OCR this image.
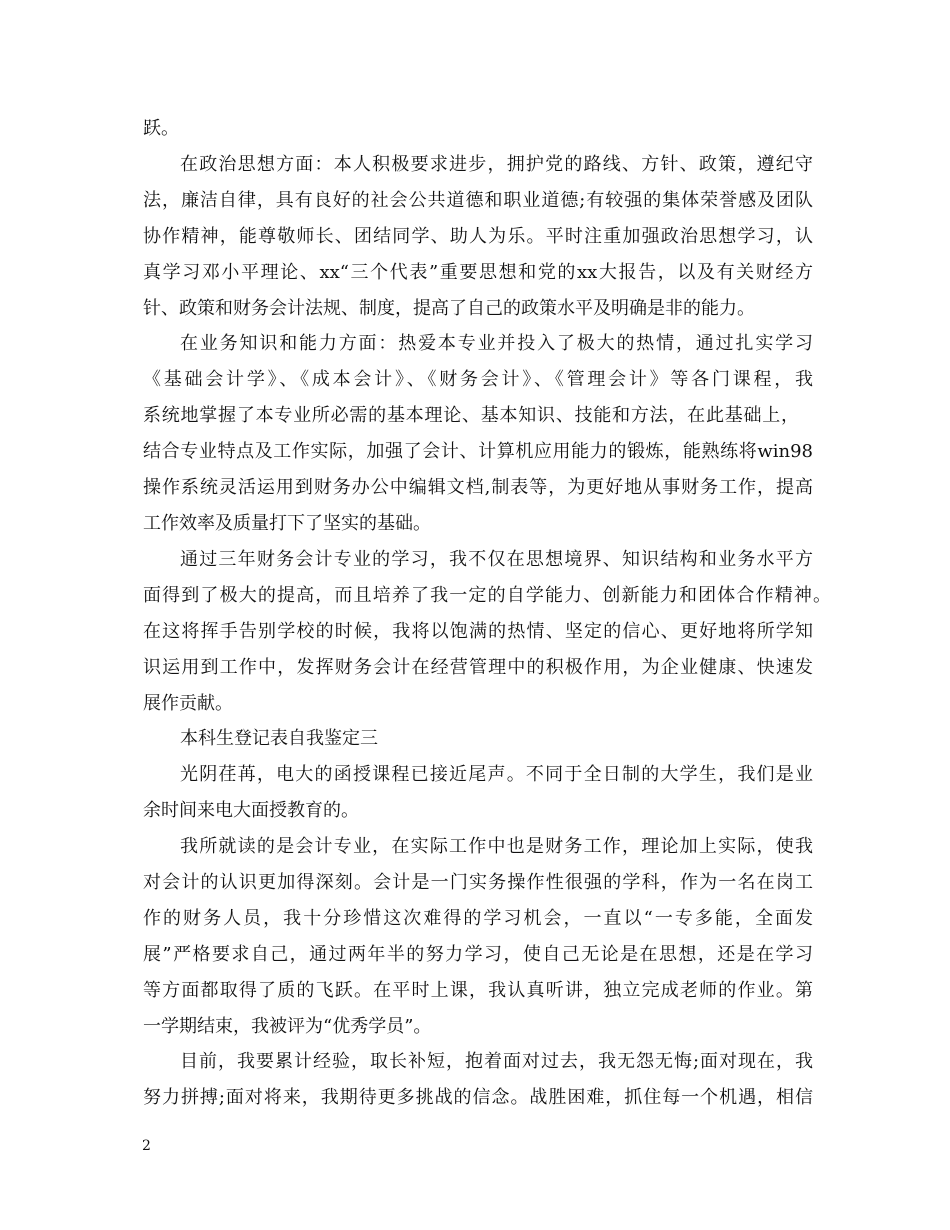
跃。
在政治思想方面：本人积极要求进步，拥护党的路线、方针、政策，遵纪守
法，廉洁自律，具有良好的社会公共道德和职业道德;有较强的集体荣誉感及团队
协作精神，能尊敬师长、团结同学、助人为乐。平时注重加强政治思想学习，认
真学习邓小平理论、xx“三个代表”重要思想和党的xx大报告，以及有关财经方
针、政策和财务会计法规、制度，提高了自己的政策水平及明确是非的能力。
在业务知识和能力方面：热爱本专业并投入了极大的热情，通过扎实学习
《基础会计学》、《成本会计》、《财务会计》、《管理会计》等各门课程，我
系统地掌握了本专业所必需的基本理论、基本知识、技能和方法，在此基础上，
结合专业特点及工作实际，加强了会计、计算机应用能力的锻炼，能熟练将win98
操作系统灵活运用到财务办公中编辑文档,制表等，为更好地从事财务工作，提高
工作效率及质量打下了坚实的基础。
通过三年财务会计专业的学习，我不仅在思想境界、知识结构和业务水平方
面得到了极大的提高，而且培养了我一定的自学能力、创新能力和团体合作精神。
在这将挥手告别学校的时候，我将以饱满的热情、坚定的信心、更好地将所学知
识运用到工作中，发挥财务会计在经营管理中的积极作用，为企业健康、快速发
展作贡献。
本科生登记表自我鉴定三
光阴荏苒，电大的函授课程已接近尾声。不同于全日制的大学生，我们是业
余时间来电大面授教育的。
我所就读的是会计专业，在实际工作中也是财务工作，理论加上实际，使我
对会计的认识更加得深刻。会计是一门实务操作性很强的学科，作为一名在岗工
作的财务人员，我十分珍惜这次难得的学习机会，一直以“一专多能，全面发
展”严格要求自己，通过两年半的努力学习，使自己无论是在思想，还是在学习
等方面都取得了质的飞跃。在平时上课，我认真听讲，独立完成老师的作业。第
一学期结束，我被评为“优秀学员”。
目前，我要累计经验，取长补短，抱着面对过去，我无怨无悔;面对现在，我
努力拼搏;面对将来，我期待更多挑战的信念。战胜困难，抓住每一个机遇，相信
2
